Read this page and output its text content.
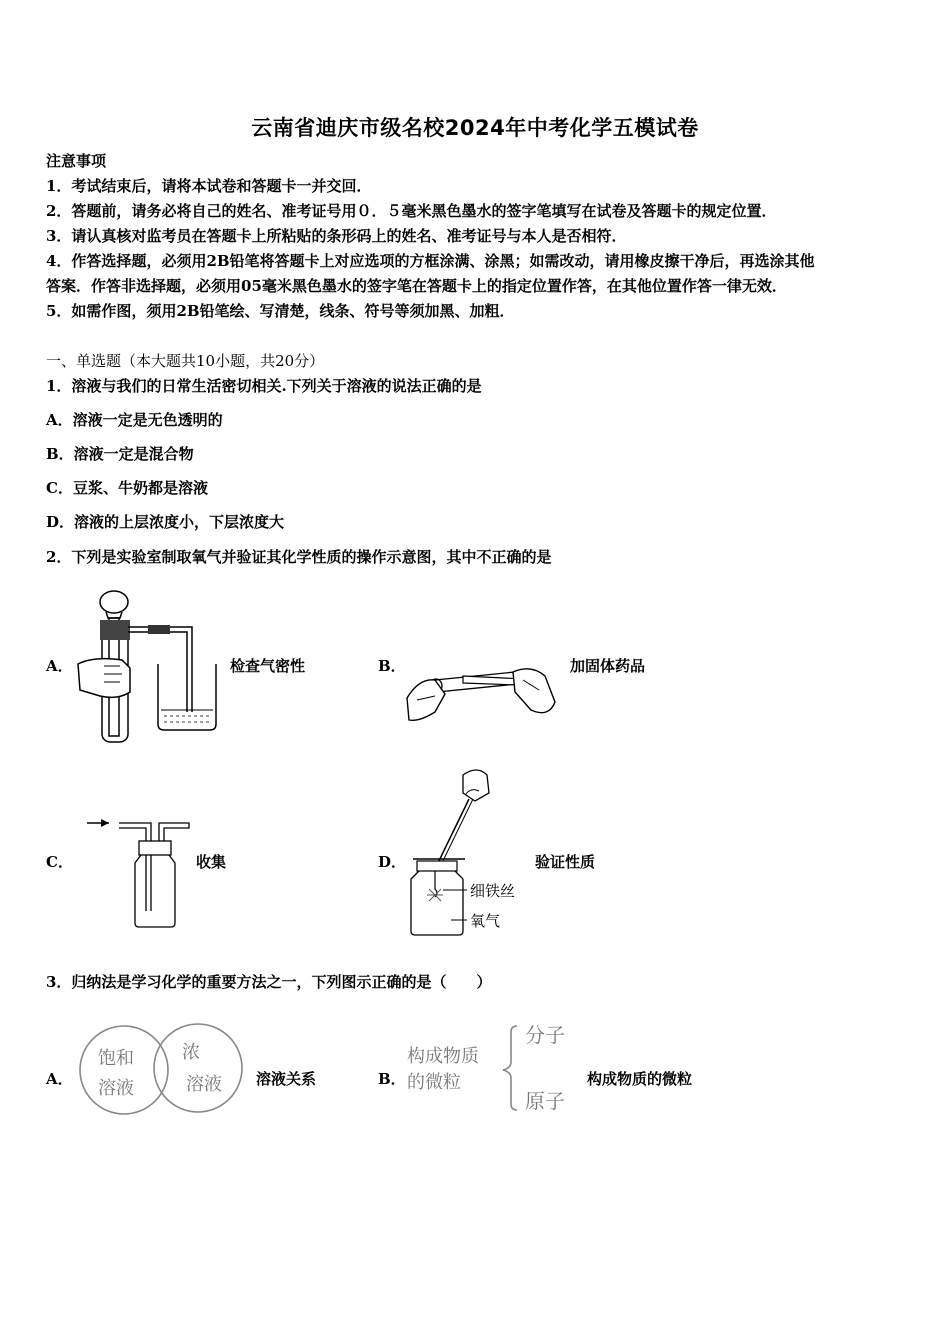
云南省迪庆市级名校2024年中考化学五模试卷
注意事项
1．考试结束后，请将本试卷和答题卡一并交回．
2．答题前，请务必将自己的姓名、准考证号用０．５毫米黑色墨水的签字笔填写在试卷及答题卡的规定位置．
3．请认真核对监考员在答题卡上所粘贴的条形码上的姓名、准考证号与本人是否相符．
4．作答选择题，必须用2B铅笔将答题卡上对应选项的方框涂满、涂黑；如需改动，请用橡皮擦干净后，再选涂其他
答案．作答非选择题，必须用05毫米黑色墨水的签字笔在答题卡上的指定位置作答，在其他位置作答一律无效．
5．如需作图，须用2B铅笔绘、写清楚，线条、符号等须加黑、加粗．
一、单选题（本大题共10小题，共20分）
1．溶液与我们的日常生活密切相关.下列关于溶液的说法正确的是
A．溶液一定是无色透明的
B．溶液一定是混合物
C．豆浆、牛奶都是溶液
D．溶液的上层浓度小，下层浓度大
2．下列是实验室制取氧气并验证其化学性质的操作示意图，其中不正确的是
A．	检查气密性	B．	加固体药品
C．	收集	D．
细铁丝
氧气
验证性质
3．归纳法是学习化学的重要方法之一，下列图示正确的是（　　）
A．
饱和
溶液
浓
溶液 溶液关系	B．
构成物质
的微粒
分子
原子
构成物质的微粒
